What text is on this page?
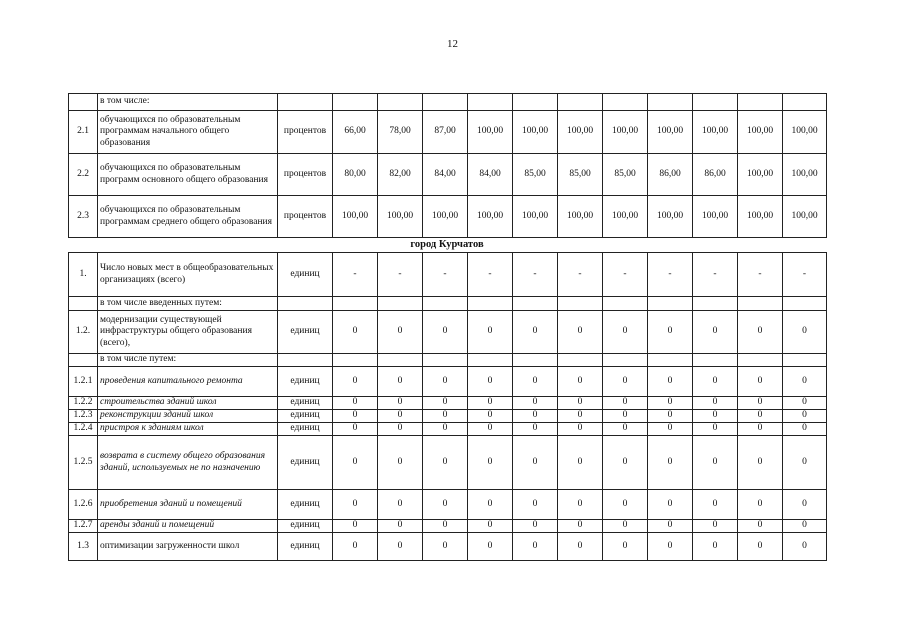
12
	в том числе:												
2.1	обучающихся по образовательным программам начального общего образования	процентов	66,00	78,00	87,00	100,00	100,00	100,00	100,00	100,00	100,00	100,00	100,00
2.2	обучающихся по образовательным программ основного общего образования	процентов	80,00	82,00	84,00	84,00	85,00	85,00	85,00	86,00	86,00	100,00	100,00
2.3	обучающихся по образовательным программам среднего общего образования	процентов	100,00	100,00	100,00	100,00	100,00	100,00	100,00	100,00	100,00	100,00	100,00
город Курчатов
1.	Число новых мест в общеобразовательных организациях (всего)	единиц	-	-	-	-	-	-	-	-	-	-	-
	в том числе введенных путем:												
1.2.	модернизации существующей инфраструктуры общего образования (всего),	единиц	0	0	0	0	0	0	0	0	0	0	0
	в том числе путем:												
1.2.1	проведения капитального ремонта	единиц	0	0	0	0	0	0	0	0	0	0	0
1.2.2	строительства зданий школ	единиц	0	0	0	0	0	0	0	0	0	0	0
1.2.3	реконструкции зданий школ	единиц	0	0	0	0	0	0	0	0	0	0	0
1.2.4	пристроя к зданиям школ	единиц	0	0	0	0	0	0	0	0	0	0	0
1.2.5	возврата в систему общего образования зданий, используемых не по назначению	единиц	0	0	0	0	0	0	0	0	0	0	0
1.2.6	приобретения зданий и помещений	единиц	0	0	0	0	0	0	0	0	0	0	0
1.2.7	аренды зданий и помещений	единиц	0	0	0	0	0	0	0	0	0	0	0
1.3	оптимизации загруженности школ	единиц	0	0	0	0	0	0	0	0	0	0	0
